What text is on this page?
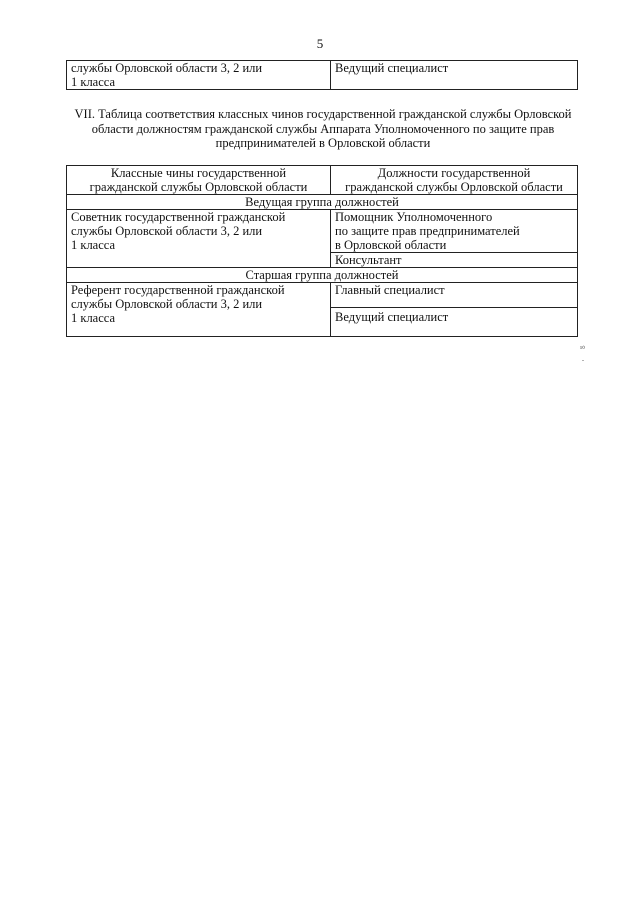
5
службы Орловской области 3, 2 или
1 класса	Ведущий специалист
VII. Таблица соответствия классных чинов государственной гражданской службы Орловской
области должностям гражданской службы Аппарата Уполномоченного по защите прав
предпринимателей в Орловской области
Классные чины государственной
гражданской службы Орловской области	Должности государственной
гражданской службы Орловской области
Ведущая группа должностей	
Советник государственной гражданской
службы Орловской области 3, 2 или
1 класса	Помощник Уполномоченного
по защите прав предпринимателей
в Орловской области
	Консультант
Старшая группа должностей	
Референт государственной гражданской
службы Орловской области 3, 2 или
1 класса	Главный специалист
	Ведущий специалист
¹⁰
.
